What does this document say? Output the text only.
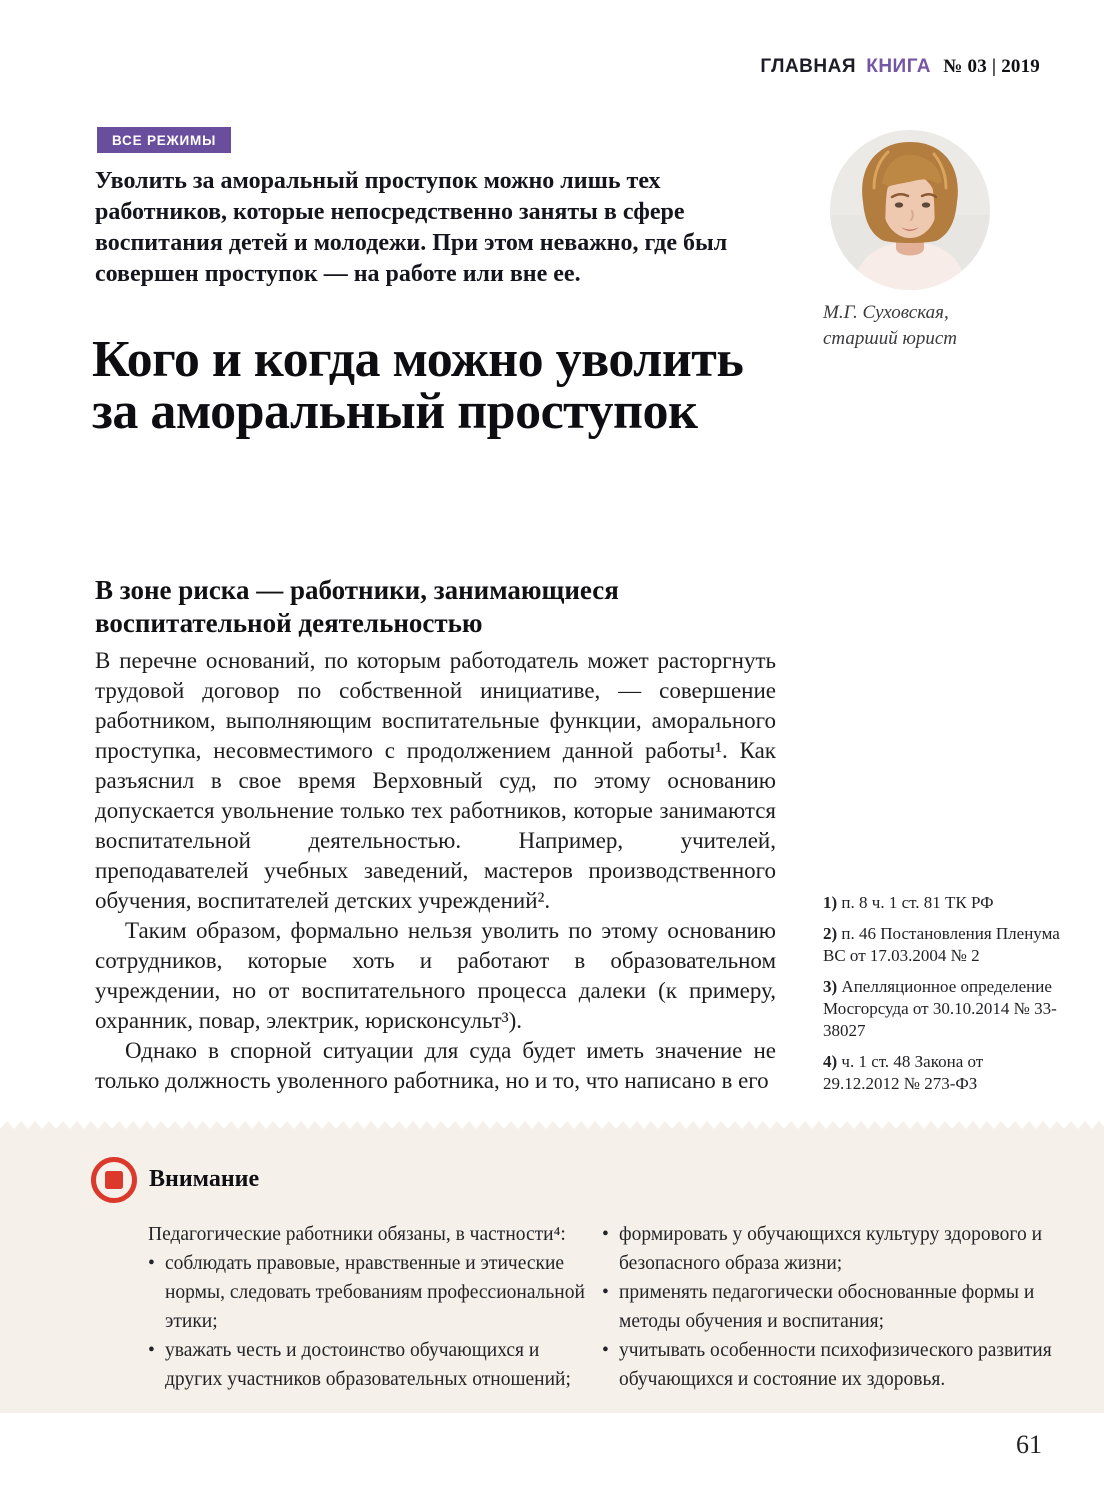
ГЛАВНАЯ КНИГА № 03 | 2019
ВСЕ РЕЖИМЫ

Уволить за аморальный проступок можно лишь тех работников, которые непосредственно заняты в сфере воспитания детей и молодежи. При этом неважно, где был совершен проступок — на работе или вне ее.

М.Г. Суховская,
старший юрист
Кого и когда можно уволить за аморальный проступок
В зоне риска — работники, занимающиеся воспитательной деятельностью

В перечне оснований, по которым работодатель может расторгнуть трудовой договор по собственной инициативе, — совершение работником, выполняющим воспитательные функции, аморального проступка, несовместимого с продолжением данной работы¹. Как разъяснил в свое время Верховный суд, по этому основанию допускается увольнение только тех работников, которые занимаются воспитательной деятельностью. Например, учителей, преподавателей учебных заведений, мастеров производственного обучения, воспитателей детских учреждений².

Таким образом, формально нельзя уволить по этому основанию сотрудников, которые хоть и работают в образовательном учреждении, но от воспитательного процесса далеки (к примеру, охранник, повар, электрик, юрисконсульт³).

Однако в спорной ситуации для суда будет иметь значение не только должность уволенного работника, но и то, что написано в его

1) п. 8 ч. 1 ст. 81 ТК РФ
2) п. 46 Постановления Пленума ВС от 17.03.2004 № 2
3) Апелляционное определение Мосгорсуда от 30.10.2014 № 33-38027
4) ч. 1 ст. 48 Закона от 29.12.2012 № 273-ФЗ
Внимание
Педагогические работники обязаны, в частности⁴:
• соблюдать правовые, нравственные и этические нормы, следовать требованиям профессиональной этики;
• уважать честь и достоинство обучающихся и других участников образовательных отношений;
• формировать у обучающихся культуру здорового и безопасного образа жизни;
• применять педагогически обоснованные формы и методы обучения и воспитания;
• учитывать особенности психофизического развития обучающихся и состояние их здоровья.
61
